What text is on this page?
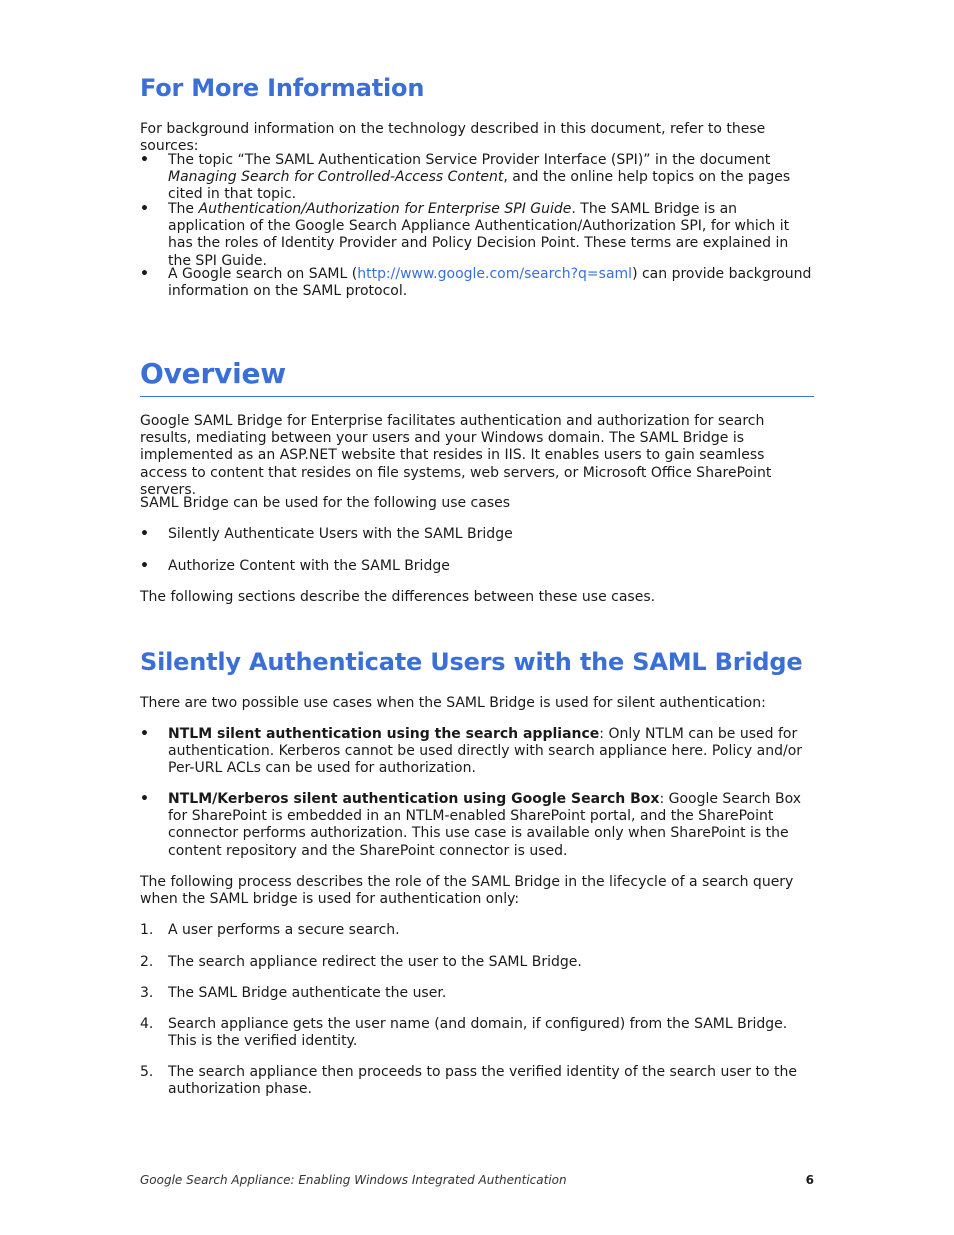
For More Information

For background information on the technology described in this document, refer to these sources:

•	The topic “The SAML Authentication Service Provider Interface (SPI)” in the document Managing Search for Controlled-Access Content, and the online help topics on the pages cited in that topic.
•	The Authentication/Authorization for Enterprise SPI Guide. The SAML Bridge is an application of the Google Search Appliance Authentication/Authorization SPI, for which it has the roles of Identity Provider and Policy Decision Point. These terms are explained in the SPI Guide.
•	A Google search on SAML (http://www.google.com/search?q=saml) can provide background information on the SAML protocol.
Overview

Google SAML Bridge for Enterprise facilitates authentication and authorization for search results, mediating between your users and your Windows domain. The SAML Bridge is implemented as an ASP.NET website that resides in IIS. It enables users to gain seamless access to content that resides on file systems, web servers, or Microsoft Office SharePoint servers.

SAML Bridge can be used for the following use cases

•	Silently Authenticate Users with the SAML Bridge
•	Authorize Content with the SAML Bridge

The following sections describe the differences between these use cases.

Silently Authenticate Users with the SAML Bridge

There are two possible use cases when the SAML Bridge is used for silent authentication:

•	NTLM silent authentication using the search appliance: Only NTLM can be used for authentication. Kerberos cannot be used directly with search appliance here. Policy and/or Per-URL ACLs can be used for authorization.
•	NTLM/Kerberos silent authentication using Google Search Box: Google Search Box for SharePoint is embedded in an NTLM-enabled SharePoint portal, and the SharePoint connector performs authorization. This use case is available only when SharePoint is the content repository and the SharePoint connector is used.

The following process describes the role of the SAML Bridge in the lifecycle of a search query when the SAML bridge is used for authentication only:

1.	A user performs a secure search.
2.	The search appliance redirect the user to the SAML Bridge.
3.	The SAML Bridge authenticate the user.
4.	Search appliance gets the user name (and domain, if configured) from the SAML Bridge. This is the verified identity.
5.	The search appliance then proceeds to pass the verified identity of the search user to the authorization phase.
Google Search Appliance: Enabling Windows Integrated Authentication	6
